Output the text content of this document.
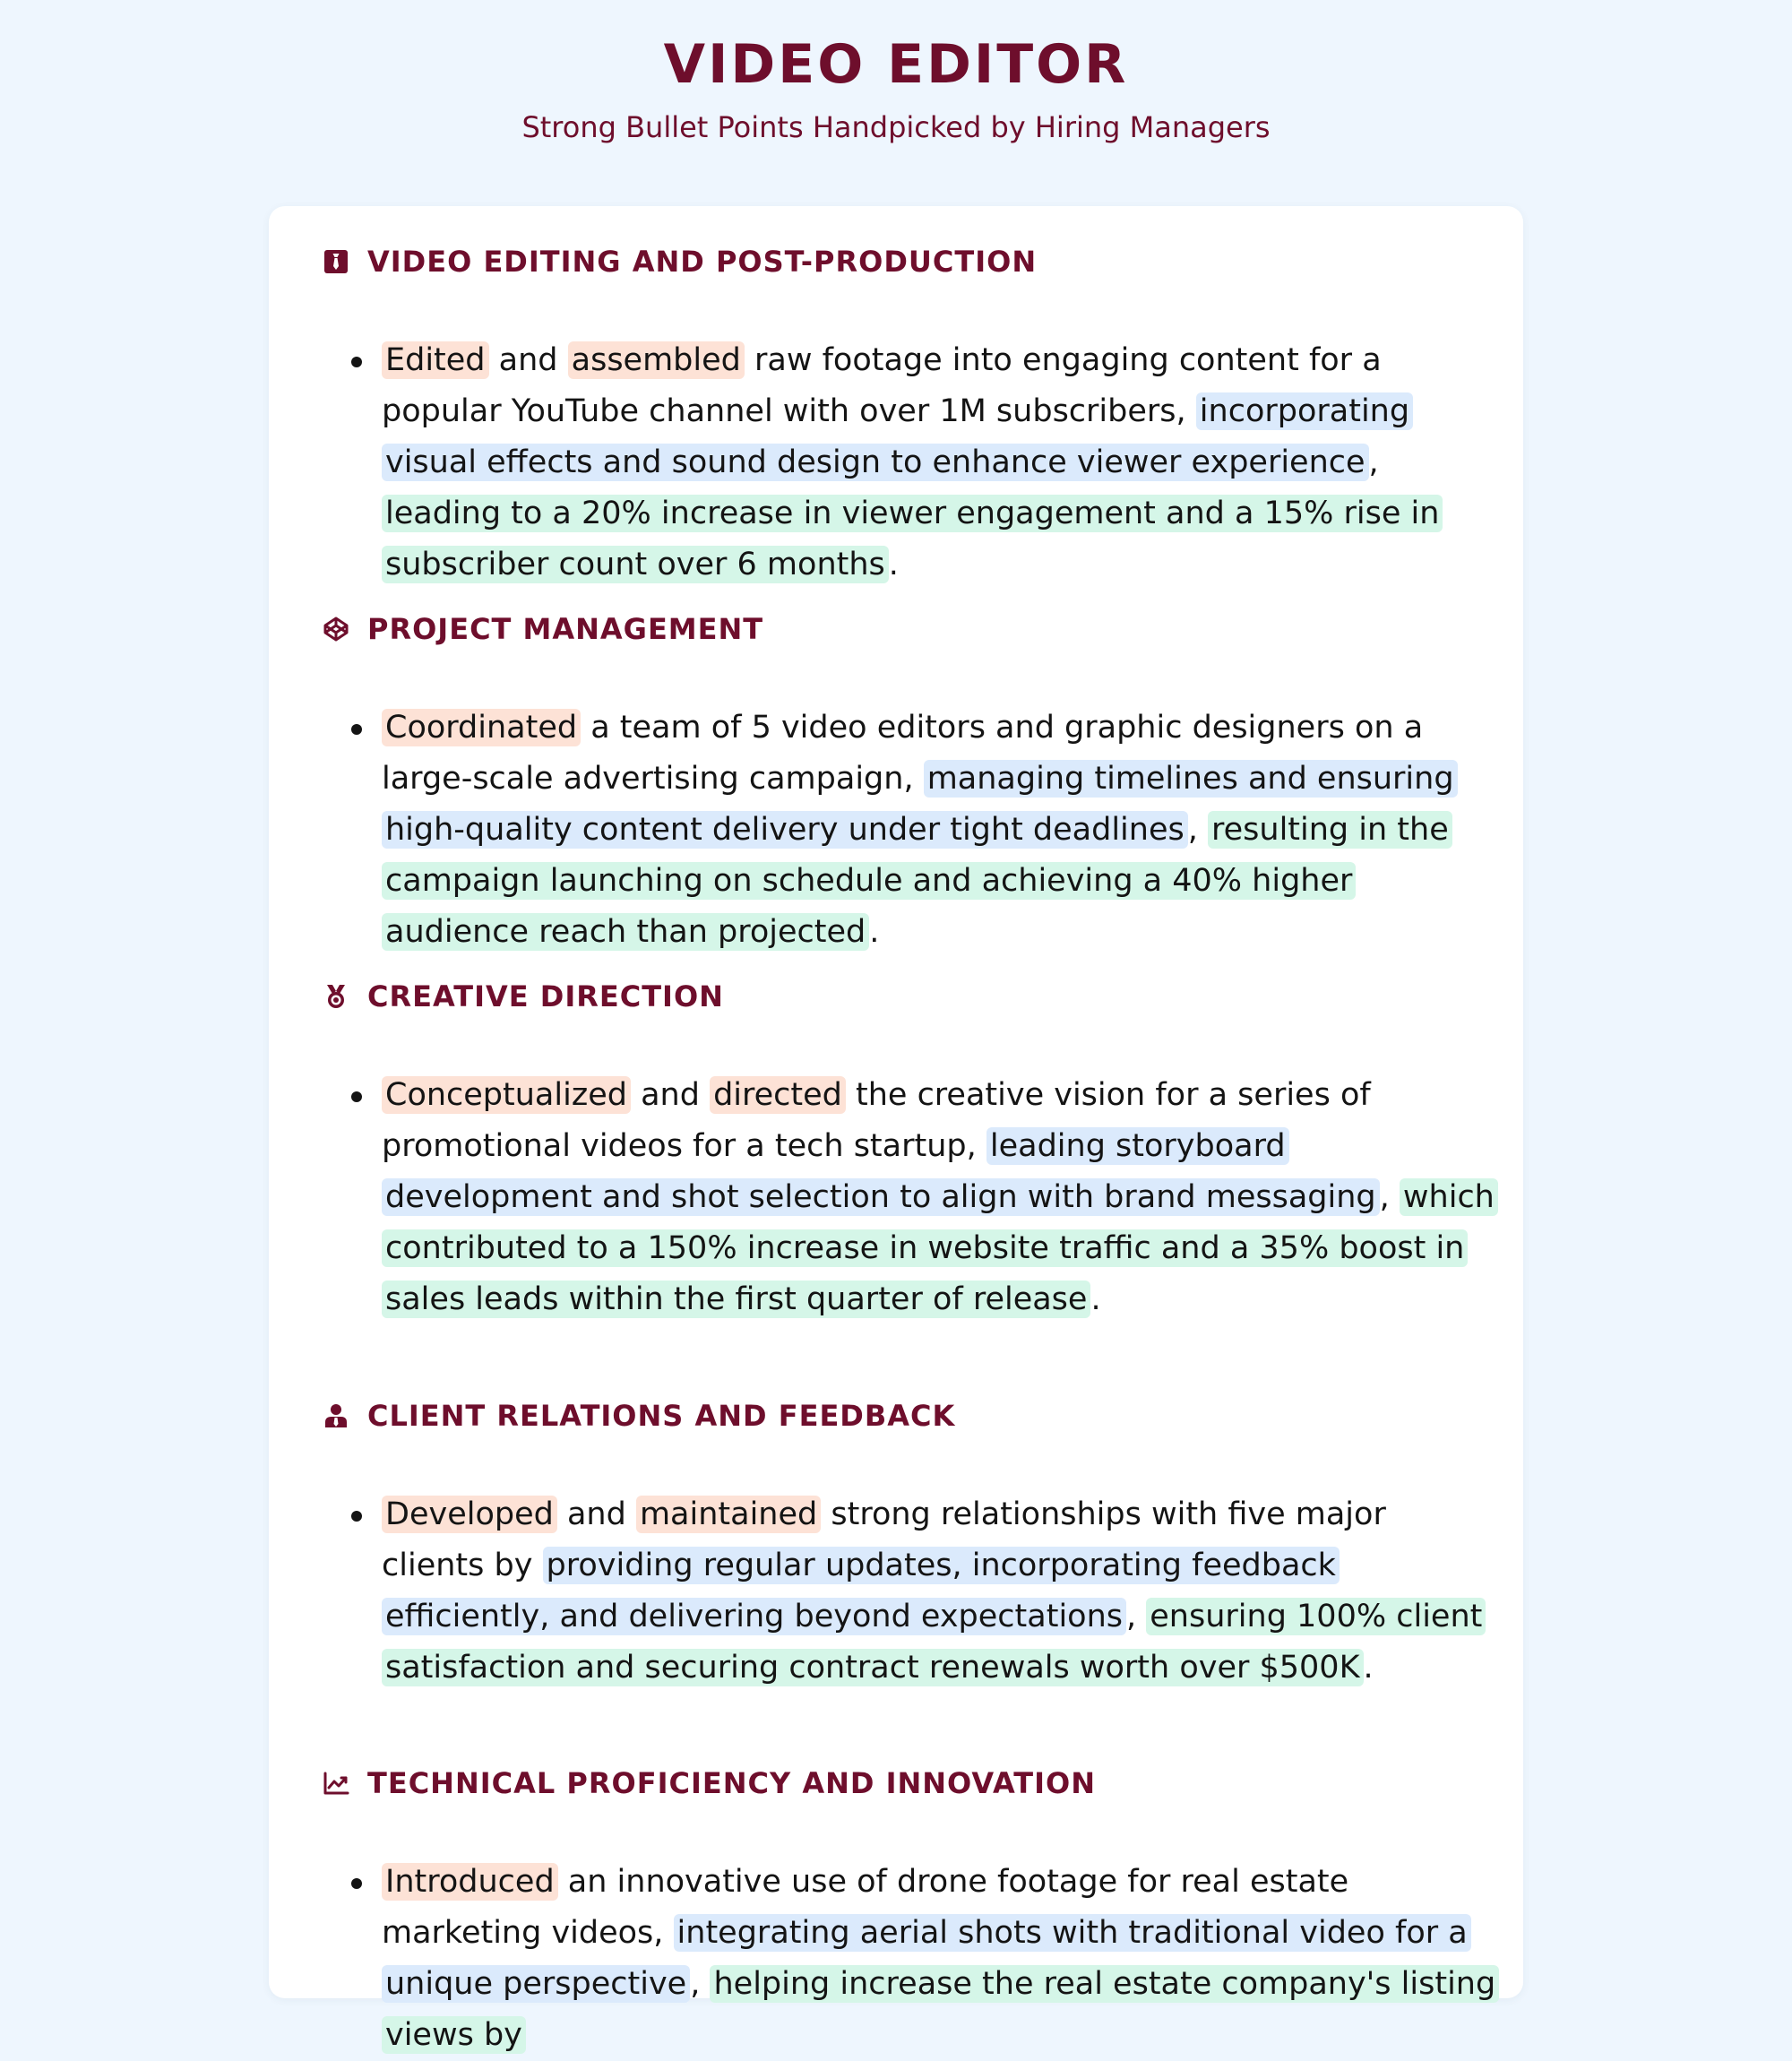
VIDEO EDITOR
Strong Bullet Points Handpicked by Hiring Managers
VIDEO EDITING AND POST-PRODUCTION
Edited and assembled raw footage into engaging content for a popular YouTube channel with over 1M subscribers, incorporating visual effects and sound design to enhance viewer experience , leading to a 20% increase in viewer engagement and a 15% rise in subscriber count over 6 months .
PROJECT MANAGEMENT
Coordinated a team of 5 video editors and graphic designers on a large-scale advertising campaign, managing timelines and ensuring high-quality content delivery under tight deadlines , resulting in the campaign launching on schedule and achieving a 40% higher audience reach than projected .
CREATIVE DIRECTION
Conceptualized and directed the creative vision for a series of promotional videos for a tech startup, leading storyboard development and shot selection to align with brand messaging , which contributed to a 150% increase in website traffic and a 35% boost in sales leads within the first quarter of release .
CLIENT RELATIONS AND FEEDBACK
Developed and maintained strong relationships with five major clients by providing regular updates, incorporating feedback efficiently, and delivering beyond expectations , ensuring 100% client satisfaction and securing contract renewals worth over $500K .
TECHNICAL PROFICIENCY AND INNOVATION
Introduced an innovative use of drone footage for real estate marketing videos, integrating aerial shots with traditional video for a unique perspective , helping increase the real estate company's listing views by
